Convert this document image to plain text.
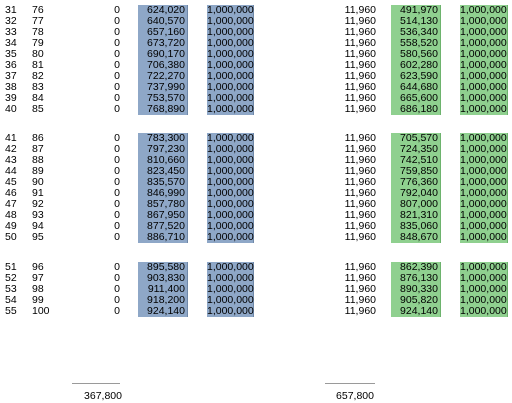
31 76	0	624,020 1,000,000	11,960	491,970 1,000,000
32 77	0	640,570 1,000,000	11,960	514,130 1,000,000
33 78	0	657,160 1,000,000	11,960	536,340 1,000,000
34 79	0	673,720 1,000,000	11,960	558,520 1,000,000
35 80	0	690,170 1,000,000	11,960	580,560 1,000,000
36 81	0	706,380 1,000,000	11,960	602,280 1,000,000
37 82	0	722,270 1,000,000	11,960	623,590 1,000,000
38 83	0	737,990 1,000,000	11,960	644,680 1,000,000
39 84	0	753,570 1,000,000	11,960	665,600 1,000,000
40 85	0	768,890 1,000,000	11,960	686,180 1,000,000
41 86	0	783,300 1,000,000	11,960	705,570 1,000,000
42 87	0	797,230 1,000,000	11,960	724,350 1,000,000
43 88	0	810,660 1,000,000	11,960	742,510 1,000,000
44 89	0	823,450 1,000,000	11,960	759,850 1,000,000
45 90	0	835,570 1,000,000	11,960	776,360 1,000,000
46 91	0	846,990 1,000,000	11,960	792,040 1,000,000
47 92	0	857,780 1,000,000	11,960	807,000 1,000,000
48 93	0	867,950 1,000,000	11,960	821,310 1,000,000
49 94	0	877,520 1,000,000	11,960	835,060 1,000,000
50 95	0	886,710 1,000,000	11,960	848,670 1,000,000
51 96	0	895,580 1,000,000	11,960	862,390 1,000,000
52 97	0	903,830 1,000,000	11,960	876,130 1,000,000
53 98	0	911,400 1,000,000	11,960	890,330 1,000,000
54 99	0	918,200 1,000,000	11,960	905,820 1,000,000
55 100	0	924,140 1,000,000	11,960	924,140 1,000,000
367,800	657,800
